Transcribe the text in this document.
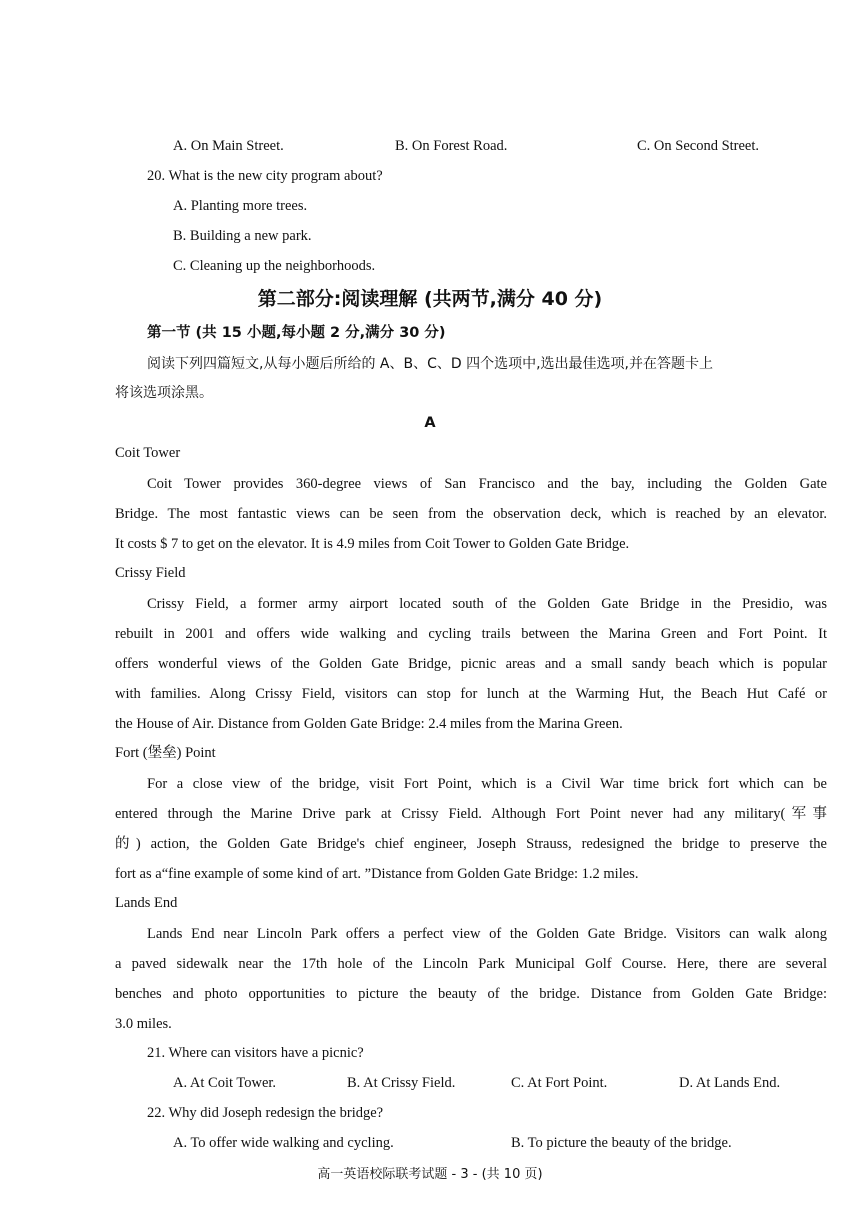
A. On Main Street.	B. On Forest Road.	C. On Second Street.
20. What is the new city program about?
A. Planting more trees.
B. Building a new park.
C. Cleaning up the neighborhoods.
第二部分:阅读理解 (共两节,满分 40 分)
第一节 (共 15 小题,每小题 2 分,满分 30 分)
阅读下列四篇短文,从每小题后所给的 A、B、C、D 四个选项中,选出最佳选项,并在答题卡上
将该选项涂黑。
A
Coit Tower
Coit Tower provides 360-degree views of San Francisco and the bay, including the Golden Gate
Bridge. The most fantastic views can be seen from the observation deck, which is reached by an elevator.
It costs $ 7 to get on the elevator. It is 4.9 miles from Coit Tower to Golden Gate Bridge.
Crissy Field
Crissy Field, a former army airport located south of the Golden Gate Bridge in the Presidio, was
rebuilt in 2001 and offers wide walking and cycling trails between the Marina Green and Fort Point. It
offers wonderful views of the Golden Gate Bridge, picnic areas and a small sandy beach which is popular
with families. Along Crissy Field, visitors can stop for lunch at the Warming Hut, the Beach Hut Café or
the House of Air. Distance from Golden Gate Bridge: 2.4 miles from the Marina Green.
Fort (堡垒) Point
For a close view of the bridge, visit Fort Point, which is a Civil War time brick fort which can be
entered through the Marine Drive park at Crissy Field. Although Fort Point never had any military(军事
的) action, the Golden Gate Bridge's chief engineer, Joseph Strauss, redesigned the bridge to preserve the
fort as a“fine example of some kind of art. ”Distance from Golden Gate Bridge: 1.2 miles.
Lands End
Lands End near Lincoln Park offers a perfect view of the Golden Gate Bridge. Visitors can walk along
a paved sidewalk near the 17th hole of the Lincoln Park Municipal Golf Course. Here, there are several
benches and photo opportunities to picture the beauty of the bridge. Distance from Golden Gate Bridge:
3.0 miles.
21. Where can visitors have a picnic?
A. At Coit Tower.	B. At Crissy Field.	C. At Fort Point.	D. At Lands End.
22. Why did Joseph redesign the bridge?
A. To offer wide walking and cycling.	B. To picture the beauty of the bridge.
高一英语校际联考试题 - 3 - (共 10 页)
